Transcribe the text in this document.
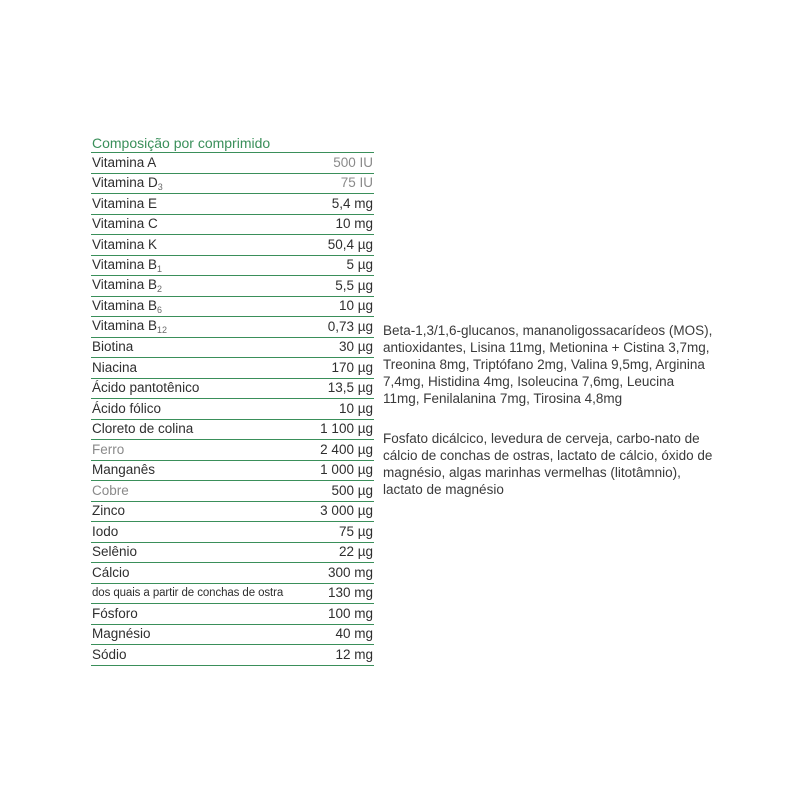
Composição por comprimido
Vitamina A	500 IU
Vitamina $D_3$	75 IU
Vitamina E	5,4 mg
Vitamina C	10 mg
Vitamina K	50,4 µg
Vitamina $B_1$	5 µg
Vitamina $B_2$	5,5 µg
Vitamina $B_6$	10 µg
Vitamina $B_{12}$	0,73 µg
Biotina	30 µg
Niacina	170 µg
Ácido pantotênico	13,5 µg
Ácido fólico	10 µg
Cloreto de colina	1 100 µg
Ferro	2 400 µg
Manganês	1 000 µg
Cobre	500 µg
Zinco	3 000 µg
Iodo	75 µg
Selênio	22 µg
Cálcio	300 mg
dos quais a partir de conchas de ostra	130 mg
Fósforo	100 mg
Magnésio	40 mg
Sódio	12 mg

Beta-1,3/1,6-glucanos, mananoligossacarídeos (MOS), antioxidantes, Lisina 11mg, Metionina + Cistina 3,7mg, Treonina 8mg, Triptófano 2mg, Valina 9,5mg, Arginina 7,4mg, Histidina 4mg, Isoleucina 7,6mg, Leucina 11mg, Fenilalanina 7mg, Tirosina 4,8mg

Fosfato dicálcico, levedura de cerveja, carbo-nato de cálcio de conchas de ostras, lactato de cálcio, óxido de magnésio, algas marinhas vermelhas (litotâmnio), lactato de magnésio
